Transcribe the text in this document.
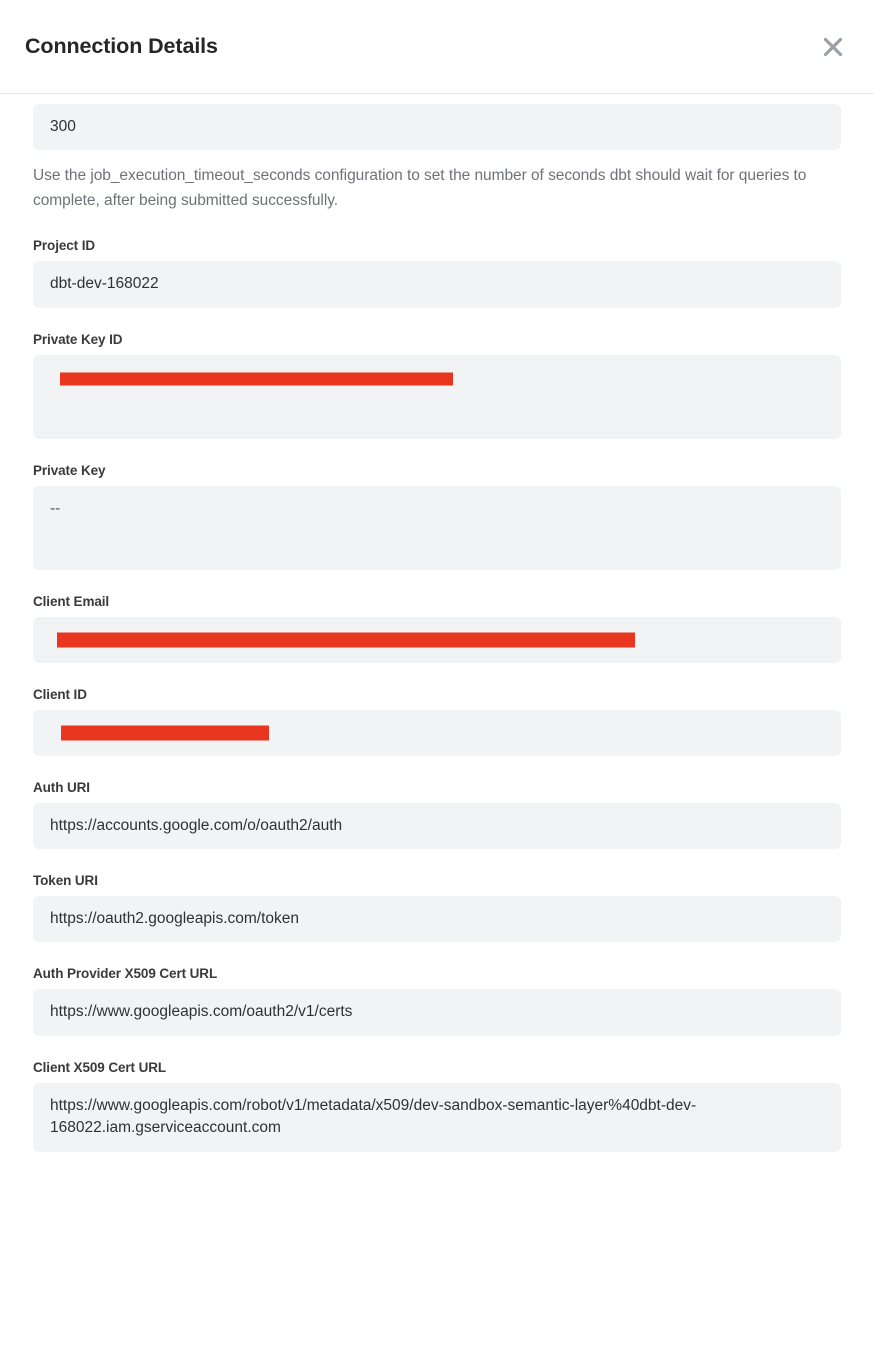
Connection Details
300
Use the job_execution_timeout_seconds configuration to set the number of seconds dbt should wait for queries to complete, after being submitted successfully.
Project ID
dbt-dev-168022
Private Key ID
Private Key
--
Client Email
Client ID
Auth URI
https://accounts.google.com/o/oauth2/auth
Token URI
https://oauth2.googleapis.com/token
Auth Provider X509 Cert URL
https://www.googleapis.com/oauth2/v1/certs
Client X509 Cert URL
https://www.googleapis.com/robot/v1/metadata/x509/dev-sandbox-semantic-layer%40dbt-dev-168022.iam.gserviceaccount.com
